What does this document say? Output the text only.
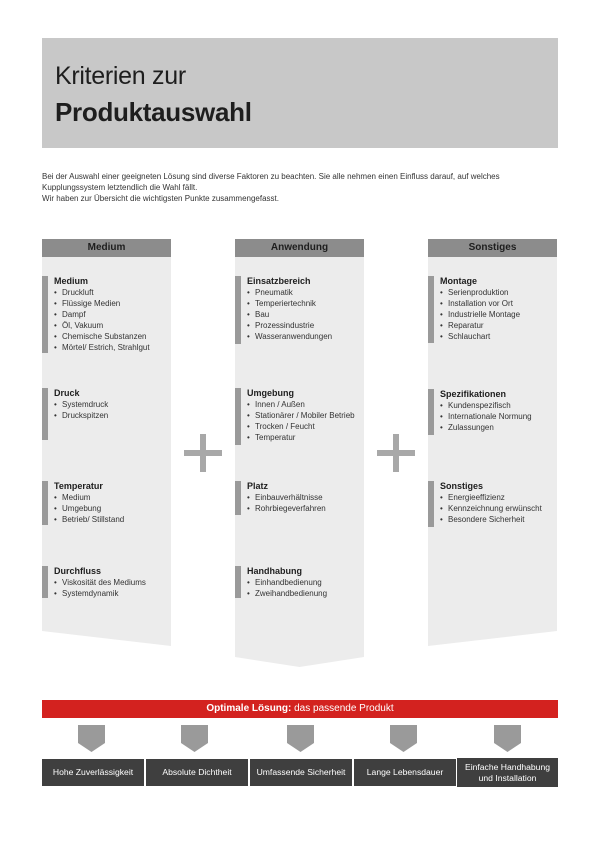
Kriterien zur
Produktauswahl
Bei der Auswahl einer geeigneten Lösung sind diverse Faktoren zu beachten. Sie alle nehmen einen Einfluss darauf, auf welches Kupplungssystem letztendlich die Wahl fällt.
Wir haben zur Übersicht die wichtigsten Punkte zusammengefasst.
Medium
Medium
• Druckluft
• Flüssige Medien
• Dampf
• Öl, Vakuum
• Chemische Substanzen
• Mörtel/ Estrich, Strahlgut
Druck
• Systemdruck
• Druckspitzen
Temperatur
• Medium
• Umgebung
• Betrieb/ Stillstand
Durchfluss
• Viskosität des Mediums
• Systemdynamik
Anwendung
Einsatzbereich
• Pneumatik
• Temperiertechnik
• Bau
• Prozessindustrie
• Wasseranwendungen
Umgebung
• Innen / Außen
• Stationärer / Mobiler Betrieb
• Trocken / Feucht
• Temperatur
Platz
• Einbauverhältnisse
• Rohrbiegeverfahren
Handhabung
• Einhandbedienung
• Zweihandbedienung
Sonstiges
Montage
• Serienproduktion
• Installation vor Ort
• Industrielle Montage
• Reparatur
• Schlauchart
Spezifikationen
• Kundenspezifisch
• Internationale Normung
• Zulassungen
Sonstiges
• Energieeffizienz
• Kennzeichnung erwünscht
• Besondere Sicherheit
Optimale Lösung: das passende Produkt
Hohe Zuverlässigkeit	Absolute Dichtheit	Umfassende Sicherheit	Lange Lebensdauer
Einfache Handhabung und Installation
